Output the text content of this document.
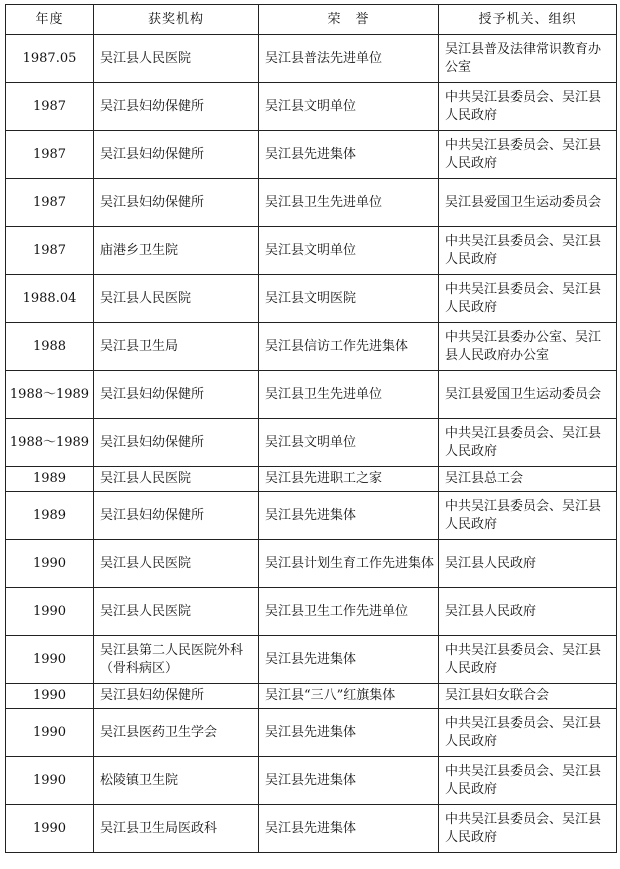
年度	获奖机构	荣　誉	授予机关、组织
1987.05	吴江县人民医院	吴江县普法先进单位	吴江县普及法律常识教育办公室
1987	吴江县妇幼保健所	吴江县文明单位	中共吴江县委员会、吴江县人民政府
1987	吴江县妇幼保健所	吴江县先进集体	中共吴江县委员会、吴江县人民政府
1987	吴江县妇幼保健所	吴江县卫生先进单位	吴江县爱国卫生运动委员会
1987	庙港乡卫生院	吴江县文明单位	中共吴江县委员会、吴江县人民政府
1988.04	吴江县人民医院	吴江县文明医院	中共吴江县委员会、吴江县人民政府
1988	吴江县卫生局	吴江县信访工作先进集体	中共吴江县委办公室、吴江县人民政府办公室
1988～1989	吴江县妇幼保健所	吴江县卫生先进单位	吴江县爱国卫生运动委员会
1988～1989	吴江县妇幼保健所	吴江县文明单位	中共吴江县委员会、吴江县人民政府
1989	吴江县人民医院	吴江县先进职工之家	吴江县总工会
1989	吴江县妇幼保健所	吴江县先进集体	中共吴江县委员会、吴江县人民政府
1990	吴江县人民医院	吴江县计划生育工作先进集体	吴江县人民政府
1990	吴江县人民医院	吴江县卫生工作先进单位	吴江县人民政府
1990	吴江县第二人民医院外科（骨科病区）	吴江县先进集体	中共吴江县委员会、吴江县人民政府
1990	吴江县妇幼保健所	吴江县“三八”红旗集体	吴江县妇女联合会
1990	吴江县医药卫生学会	吴江县先进集体	中共吴江县委员会、吴江县人民政府
1990	松陵镇卫生院	吴江县先进集体	中共吴江县委员会、吴江县人民政府
1990	吴江县卫生局医政科	吴江县先进集体	中共吴江县委员会、吴江县人民政府
